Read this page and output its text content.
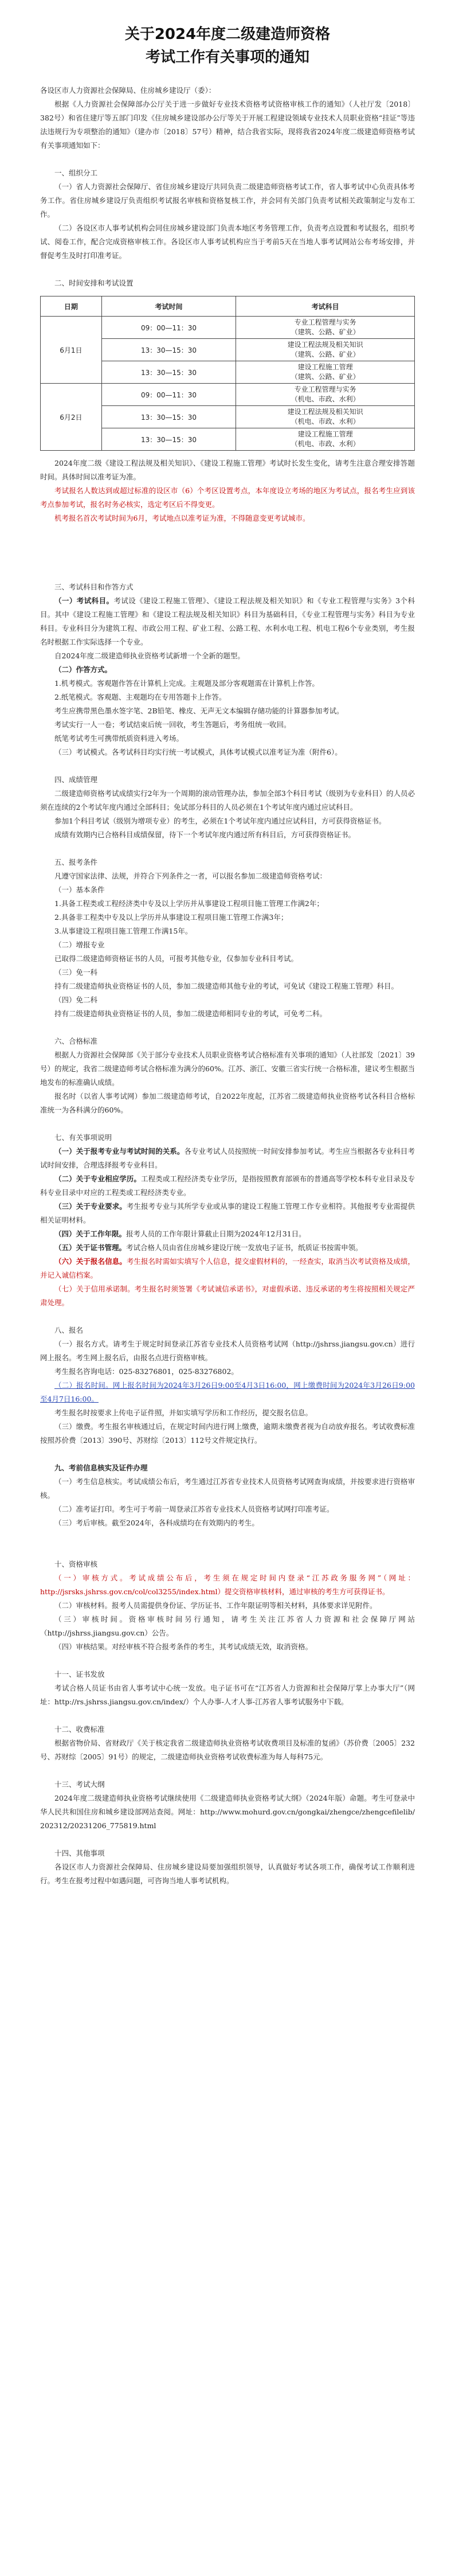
关于2024年度二级建造师资格
考试工作有关事项的通知

各设区市人力资源社会保障局、住房城乡建设厅（委）：

根据《人力资源社会保障部办公厅关于进一步做好专业技术资格考试资格审核工作的通知》（人社厅发〔2018〕382号）和省住建厅等五部门印发《住房城乡建设部办公厅等关于开展工程建设领域专业技术人员职业资格“挂证”等违法违规行为专项整治的通知》（建办市〔2018〕57号）精神，结合我省实际，现将我省2024年度二级建造师资格考试有关事项通知如下：

一、组织分工

（一）省人力资源社会保障厅、省住房城乡建设厅共同负责二级建造师资格考试工作，省人事考试中心负责具体考务工作。省住房城乡建设厅负责组织考试报名审核和资格复核工作，并会同有关部门负责考试相关政策制定与发布工作。

（二）各设区市人事考试机构会同住房城乡建设部门负责本地区考务管理工作，负责考点设置和考试报名，组织考试、阅卷工作，配合完成资格审核工作。各设区市人事考试机构应当于考前5天在当地人事考试网站公布考场安排，并督促考生及时打印准考证。

二、时间安排和考试设置

日期	考试时间	考试科目
6月1日	09：00—11：30	专业工程管理与实务
（建筑、公路、矿业）
	13：30—15：30	建设工程法规及相关知识
（建筑、公路、矿业）
	13：30—15：30	建设工程施工管理
（建筑、公路、矿业）
6月2日	09：00—11：30	专业工程管理与实务
（机电、市政、水利）
	13：30—15：30	建设工程法规及相关知识
（机电、市政、水利）
	13：30—15：30	建设工程施工管理
（机电、市政、水利）

2024年度二级《建设工程法规及相关知识》、《建设工程施工管理》考试时长发生变化，请考生注意合理安排答题时间。具体时间以准考证为准。

考试报名人数达到或超过标准的设区市（6）个考区设置考点，本年度设立考场的地区为考试点，报名考生应到该考点参加考试，报名时务必核实，选定考区后不得变更。

机考报名首次考试时间为6月，考试地点以准考证为准，不得随意变更考试城市。

三、考试科目和作答方式

（一）考试科目。考试设《建设工程施工管理》、《建设工程法规及相关知识》和《专业工程管理与实务》3个科目。其中《建设工程施工管理》和《建设工程法规及相关知识》科目为基础科目，《专业工程管理与实务》科目为专业科目。专业科目分为建筑工程、市政公用工程、矿业工程、公路工程、水利水电工程、机电工程6个专业类别，考生报名时根据工作实际选择一个专业。

自2024年度二级建造师执业资格考试新增一个全新的题型。

（二）作答方式。

1.机考模式。客观题作答在计算机上完成。主观题及部分客观题需在计算机上作答。

2.纸笔模式。客观题、主观题均在专用答题卡上作答。

考生应携带黑色墨水签字笔、2B铅笔、橡皮、无声无文本编辑存储功能的计算器参加考试。

考试实行一人一卷；考试结束后统一回收，考生答题后，考务组统一收回。

纸笔考试考生可携带纸质资料进入考场。

（三）考试模式。各考试科目均实行统一考试模式，具体考试模式以准考证为准（附件6）。

四、成绩管理

二级建造师资格考试成绩实行2年为一个周期的滚动管理办法，参加全部3个科目考试（级别为专业科目）的人员必须在连续的2个考试年度内通过全部科目；免试部分科目的人员必须在1个考试年度内通过应试科目。

参加1个科目考试（级别为增项专业）的考生，必须在1个考试年度内通过应试科目，方可获得资格证书。

成绩有效期内已合格科目成绩保留，待下一个考试年度内通过所有科目后，方可获得资格证书。

五、报考条件

凡遵守国家法律、法规，并符合下列条件之一者，可以报名参加二级建造师资格考试：

（一）基本条件

1.具备工程类或工程经济类中专及以上学历并从事建设工程项目施工管理工作满2年；

2.具备非工程类中专及以上学历并从事建设工程项目施工管理工作满3年；

3.从事建设工程项目施工管理工作满15年。

（二）增报专业

已取得二级建造师资格证书的人员，可报考其他专业，仅参加专业科目考试。

（三）免一科

持有二级建造师执业资格证书的人员，参加二级建造师其他专业的考试，可免试《建设工程施工管理》科目。

（四）免二科

持有二级建造师执业资格证书的人员，参加二级建造师相同专业的考试，可免考二科。

六、合格标准

根据人力资源社会保障部《关于部分专业技术人员职业资格考试合格标准有关事项的通知》（人社部发〔2021〕39号）的规定，我省二级建造师考试合格标准为满分的60%。江苏、浙江、安徽三省实行统一合格标准，建议考生根据当地发布的标准确认成绩。

报名时（以省人事考试网）参加二级建造师考试，自2022年度起，江苏省二级建造师执业资格考试各科目合格标准统一为各科满分的60%。

七、有关事项说明

（一）关于报考专业与考试时间的关系。各专业考试人员按照统一时间安排参加考试。考生应当根据各专业科目考试时间安排，合理选择报考专业科目。

（二）关于专业相应学历。工程类或工程经济类专业学历，是指按照教育部颁布的普通高等学校本科专业目录及专科专业目录中对应的工程类或工程经济类专业。

（三）关于专业要求。考生报考专业与其所学专业或从事的建设工程施工管理工作专业相符。其他报考专业需提供相关证明材料。

（四）关于工作年限。报考人员的工作年限计算截止日期为2024年12月31日。

（五）关于证书管理。考试合格人员由省住房城乡建设厅统一发放电子证书，纸质证书按需申领。

（六）关于报名信息。考生报名时需如实填写个人信息，提交虚假材料的，一经查实，取消当次考试资格及成绩，并记入诚信档案。

（七）关于信用承诺制。考生报名时须签署《考试诚信承诺书》，对虚假承诺、违反承诺的考生将按照相关规定严肃处理。

八、报名

（一）报名方式。请考生于规定时间登录江苏省专业技术人员资格考试网（http://jshrss.jiangsu.gov.cn）进行网上报名。考生网上报名后，由报名点进行资格审核。

考生报名咨询电话：025-83276801，025-83276802。

（二）报名时间。网上报名时间为2024年3月26日9:00至4月3日16:00，网上缴费时间为2024年3月26日9:00至4月7日16:00。

考生报名时按要求上传电子证件照，并如实填写学历和工作经历，提交报名信息。

（三）缴费。考生报名审核通过后，在规定时间内进行网上缴费，逾期未缴费者视为自动放弃报名。考试收费标准按照苏价费〔2013〕390号、苏财综〔2013〕112号文件规定执行。

九、考前信息核实及证件办理

（一）考生信息核实。考试成绩公布后，考生通过江苏省专业技术人员资格考试网查询成绩，并按要求进行资格审核。

（二）准考证打印。考生可于考前一周登录江苏省专业技术人员资格考试网打印准考证。

（三）考后审核。截至2024年，各科成绩均在有效期内的考生。

十、资格审核

（一）审核方式。考试成绩公布后，考生须在规定时间内登录“江苏政务服务网”（网址：http://jsrsks.jshrss.gov.cn/col/col3255/index.html）提交资格审核材料，通过审核的考生方可获得证书。

（二）审核材料。报考人员需提供身份证、学历证书、工作年限证明等相关材料，具体要求详见附件。

（三）审核时间。资格审核时间另行通知，请考生关注江苏省人力资源和社会保障厅网站（http://jshrss.jiangsu.gov.cn）公告。

（四）审核结果。对经审核不符合报考条件的考生，其考试成绩无效，取消资格。

十一、证书发放

考试合格人员证书由省人事考试中心统一发放。电子证书可在“江苏省人力资源和社会保障厅掌上办事大厅”（网址：http://rs.jshrss.jiangsu.gov.cn/index/）个人办事-人才人事-江苏省人事考试服务中下载。

十二、收费标准

根据省物价局、省财政厅《关于核定我省二级建造师执业资格考试收费项目及标准的复函》（苏价费〔2005〕232号、苏财综〔2005〕91号）的规定，二级建造师执业资格考试收费标准为每人每科75元。

十三、考试大纲

2024年度二级建造师执业资格考试继续使用《二级建造师执业资格考试大纲》（2024年版）命题。考生可登录中华人民共和国住房和城乡建设部网站查阅。网址：http://www.mohurd.gov.cn/gongkai/zhengce/zhengcefilelib/202312/20231206_775819.html

十四、其他事项

各设区市人力资源社会保障局、住房城乡建设局要加强组织领导，认真做好考试各项工作，确保考试工作顺利进行。考生在报考过程中如遇问题，可咨询当地人事考试机构。
